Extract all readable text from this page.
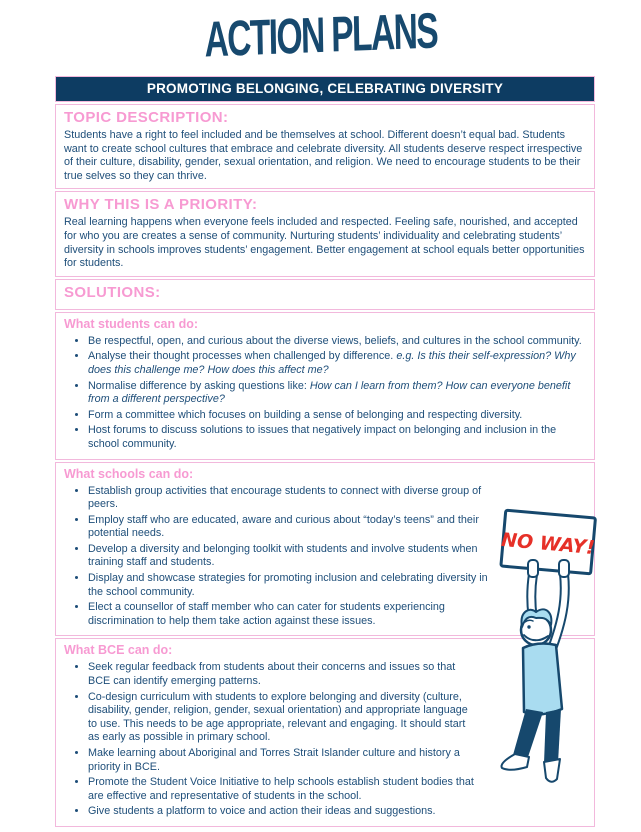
ACTION PLANS
PROMOTING BELONGING, CELEBRATING DIVERSITY
TOPIC DESCRIPTION:

Students have a right to feel included and be themselves at school. Different doesn’t equal bad. Students want to create school cultures that embrace and celebrate diversity. All students deserve respect irrespective of their culture, disability, gender, sexual orientation, and religion. We need to encourage students to be their true selves so they can thrive.

WHY THIS IS A PRIORITY:

Real learning happens when everyone feels included and respected. Feeling safe, nourished, and accepted for who you are creates a sense of community. Nurturing students’ individuality and celebrating students’ diversity in schools improves students’ engagement. Better engagement at school equals better opportunities for students.

SOLUTIONS:
What students can do:
• Be respectful, open, and curious about the diverse views, beliefs, and cultures in the school community.
• Analyse their thought processes when challenged by difference. e.g. Is this their self-expression? Why does this challenge me? How does this affect me?
• Normalise difference by asking questions like: How can I learn from them? How can everyone benefit from a different perspective?
• Form a committee which focuses on building a sense of belonging and respecting diversity.
• Host forums to discuss solutions to issues that negatively impact on belonging and inclusion in the school community.
What schools can do:
• Establish group activities that encourage students to connect with diverse group of peers.
• Employ staff who are educated, aware and curious about “today’s teens” and their potential needs.
• Develop a diversity and belonging toolkit with students and involve students when training staff and students.
• Display and showcase strategies for promoting inclusion and celebrating diversity in the school community.
• Elect a counsellor of staff member who can cater for students experiencing discrimination to help them take action against these issues.
What BCE can do:
• Seek regular feedback from students about their concerns and issues so that BCE can identify emerging patterns.
• Co-design curriculum with students to explore belonging and diversity (culture, disability, gender, religion, gender, sexual orientation) and appropriate language to use. This needs to be age appropriate, relevant and engaging. It should start as early as possible in primary school.
• Make learning about Aboriginal and Torres Strait Islander culture and history a priority in BCE.
• Promote the Student Voice Initiative to help schools establish student bodies that are effective and representative of students in the school.
• Give students a platform to voice and action their ideas and suggestions.
NO WAY!
